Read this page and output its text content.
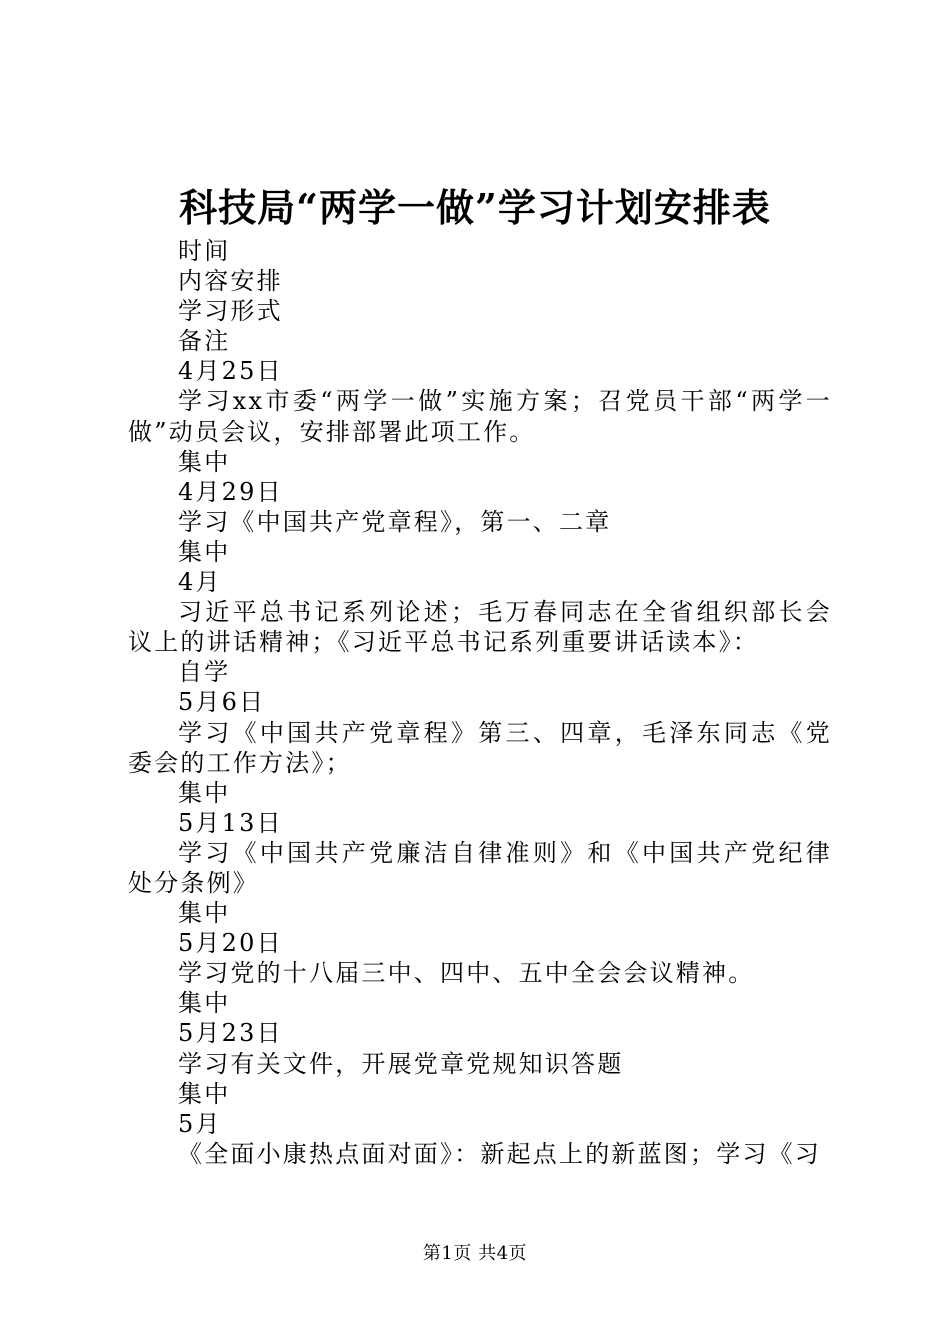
科技局“两学一做”学习计划安排表
时间
内容安排
学习形式
备注
4月25日
学习xx市委“两学一做”实施方案；召党员干部“两学一做”动员会议，安排部署此项工作。
集中
4月29日
学习《中国共产党章程》，第一、二章
集中
4月
习近平总书记系列论述；毛万春同志在全省组织部长会议上的讲话精神；《习近平总书记系列重要讲话读本》：
自学
5月6日
学习《中国共产党章程》第三、四章，毛泽东同志《党委会的工作方法》；
集中
5月13日
学习《中国共产党廉洁自律准则》和《中国共产党纪律处分条例》
集中
5月20日
学习党的十八届三中、四中、五中全会会议精神。
集中
5月23日
学习有关文件，开展党章党规知识答题
集中
5月
《全面小康热点面对面》：新起点上的新蓝图；学习《习
第1页 共4页
